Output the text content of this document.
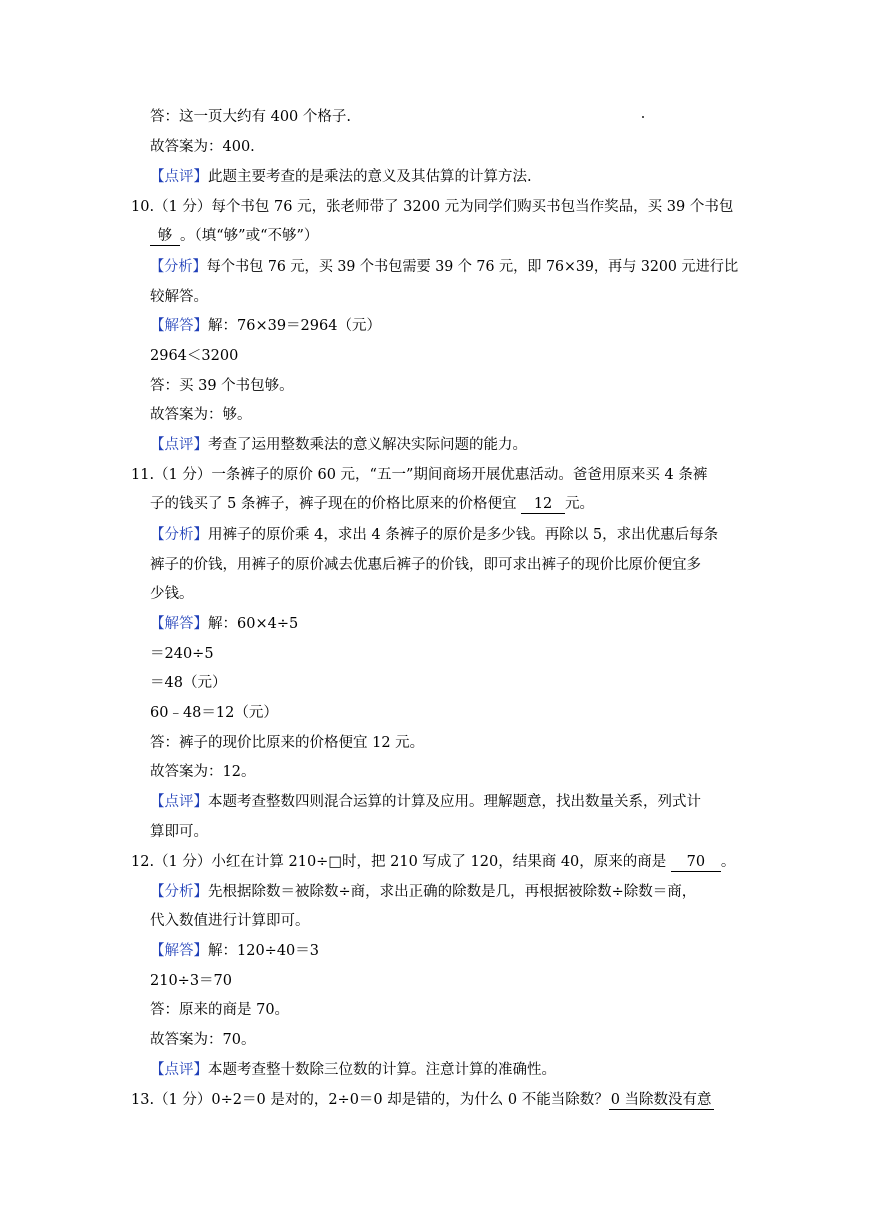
答：这一页大约有 400 个格子.
故答案为：400.
【点评】此题主要考查的是乘法的意义及其估算的计算方法.
10.（1 分）每个书包 76 元，张老师带了 3200 元为同学们购买书包当作奖品，买 39 个书包
够 。（填“够”或“不够”）
【分析】每个书包 76 元，买 39 个书包需要 39 个 76 元，即 76×39，再与 3200 元进行比
较解答。
【解答】解：76×39＝2964（元）
2964＜3200
答：买 39 个书包够。
故答案为：够。
【点评】考查了运用整数乘法的意义解决实际问题的能力。
11.（1 分）一条裤子的原价 60 元，“五一”期间商场开展优惠活动。爸爸用原来买 4 条裤
子的钱买了 5 条裤子，裤子现在的价格比原来的价格便宜 12 元。
【分析】用裤子的原价乘 4，求出 4 条裤子的原价是多少钱。再除以 5，求出优惠后每条
裤子的价钱，用裤子的原价减去优惠后裤子的价钱，即可求出裤子的现价比原价便宜多
少钱。
【解答】解：60×4÷5
＝240÷5
＝48（元）
60﹣48＝12（元）
答：裤子的现价比原来的价格便宜 12 元。
故答案为：12。
【点评】本题考查整数四则混合运算的计算及应用。理解题意，找出数量关系，列式计
算即可。
12.（1 分）小红在计算 210÷□时，把 210 写成了 120，结果商 40，原来的商是 70 。
【分析】先根据除数＝被除数÷商，求出正确的除数是几，再根据被除数÷除数＝商，
代入数值进行计算即可。
【解答】解：120÷40＝3
210÷3＝70
答：原来的商是 70。
故答案为：70。
【点评】本题考查整十数除三位数的计算。注意计算的准确性。
13.（1 分）0÷2＝0 是对的，2÷0＝0 却是错的，为什么 0 不能当除数？ 0 当除数没有意
